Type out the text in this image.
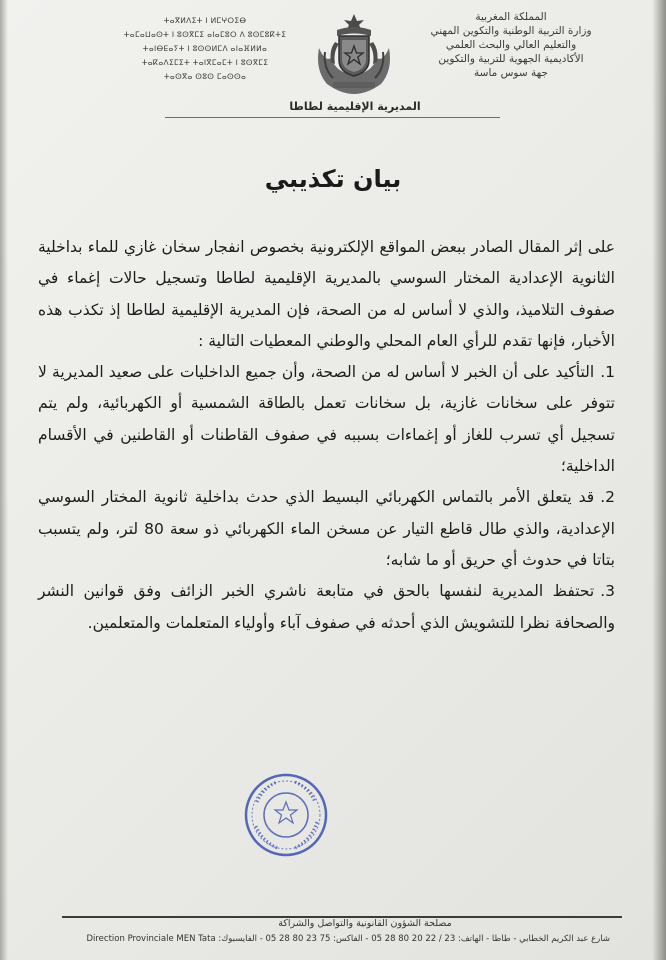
المملكة المغربية
وزارة التربية الوطنية والتكوين المهني
والتعليم العالي والبحث العلمي
الأكاديمية الجهوية للتربية والتكوين
جهة سوس ماسة
ⵜⴰⴳⵍⴷⵉⵜ ⵏ ⵍⵎⵖⵔⵉⴱ
ⵜⴰⵎⴰⵡⴰⵙⵜ ⵏ ⵓⵙⴳⵎⵉ ⴰⵏⴰⵎⵓⵔ ⴷ ⵓⵙⵎⵓⴽⵜⵉ
ⵜⴰⵏⴱⴹⴰⵢⵜ ⵏ ⵓⵙⵙⵍⵎⴷ ⴰⵏⴰⴼⵍⵍⴰ
ⵜⴰⴽⴰⴷⵉⵎⵉⵜ ⵜⴰⵏⴳⵎⴰⵎⵜ ⵏ ⵓⵙⴳⵎⵉ
ⵜⴰⵙⴳⴰ ⵙⵓⵙ ⵎⴰⵙⵙⴰ
المديرية الإقليمية لطاطا
بيان تكذيبي

على إثر المقال الصادر ببعض المواقع الإلكترونية بخصوص انفجار سخان غازي للماء بداخلية الثانوية الإعدادية المختار السوسي بالمديرية الإقليمية لطاطا وتسجيل حالات إغماء في صفوف التلاميذ، والذي لا أساس له من الصحة، فإن المديرية الإقليمية لطاطا إذ تكذب هذه الأخبار، فإنها تقدم للرأي العام المحلي والوطني المعطيات التالية :

1.التأكيد على أن الخبر لا أساس له من الصحة، وأن جميع الداخليات على صعيد المديرية لا تتوفر على سخانات غازية، بل سخانات تعمل بالطاقة الشمسية أو الكهربائية، ولم يتم تسجيل أي تسرب للغاز أو إغماءات بسببه في صفوف القاطنات أو القاطنين في الأقسام الداخلية؛
2.قد يتعلق الأمر بالتماس الكهربائي البسيط الذي حدث بداخلية ثانوية المختار السوسي الإعدادية، والذي طال قاطع التيار عن مسخن الماء الكهربائي ذو سعة 80 لتر، ولم يتسبب بتاتا في حدوث أي حريق أو ما شابه؛
3.تحتفظ المديرية لنفسها بالحق في متابعة ناشري الخبر الزائف وفق قوانين النشر والصحافة نظرا للتشويش الذي أحدثه في صفوف آباء وأولياء المتعلمات والمتعلمين.
مصلحة الشؤون القانونية والتواصل والشراكة
شارع عبد الكريم الخطابي - طاطا - الهاتف: 23 / 22 20 80 28 05 - الفاكس: 75 23 80 28 05 - الفايسبوك: Direction Provinciale MEN Tata
